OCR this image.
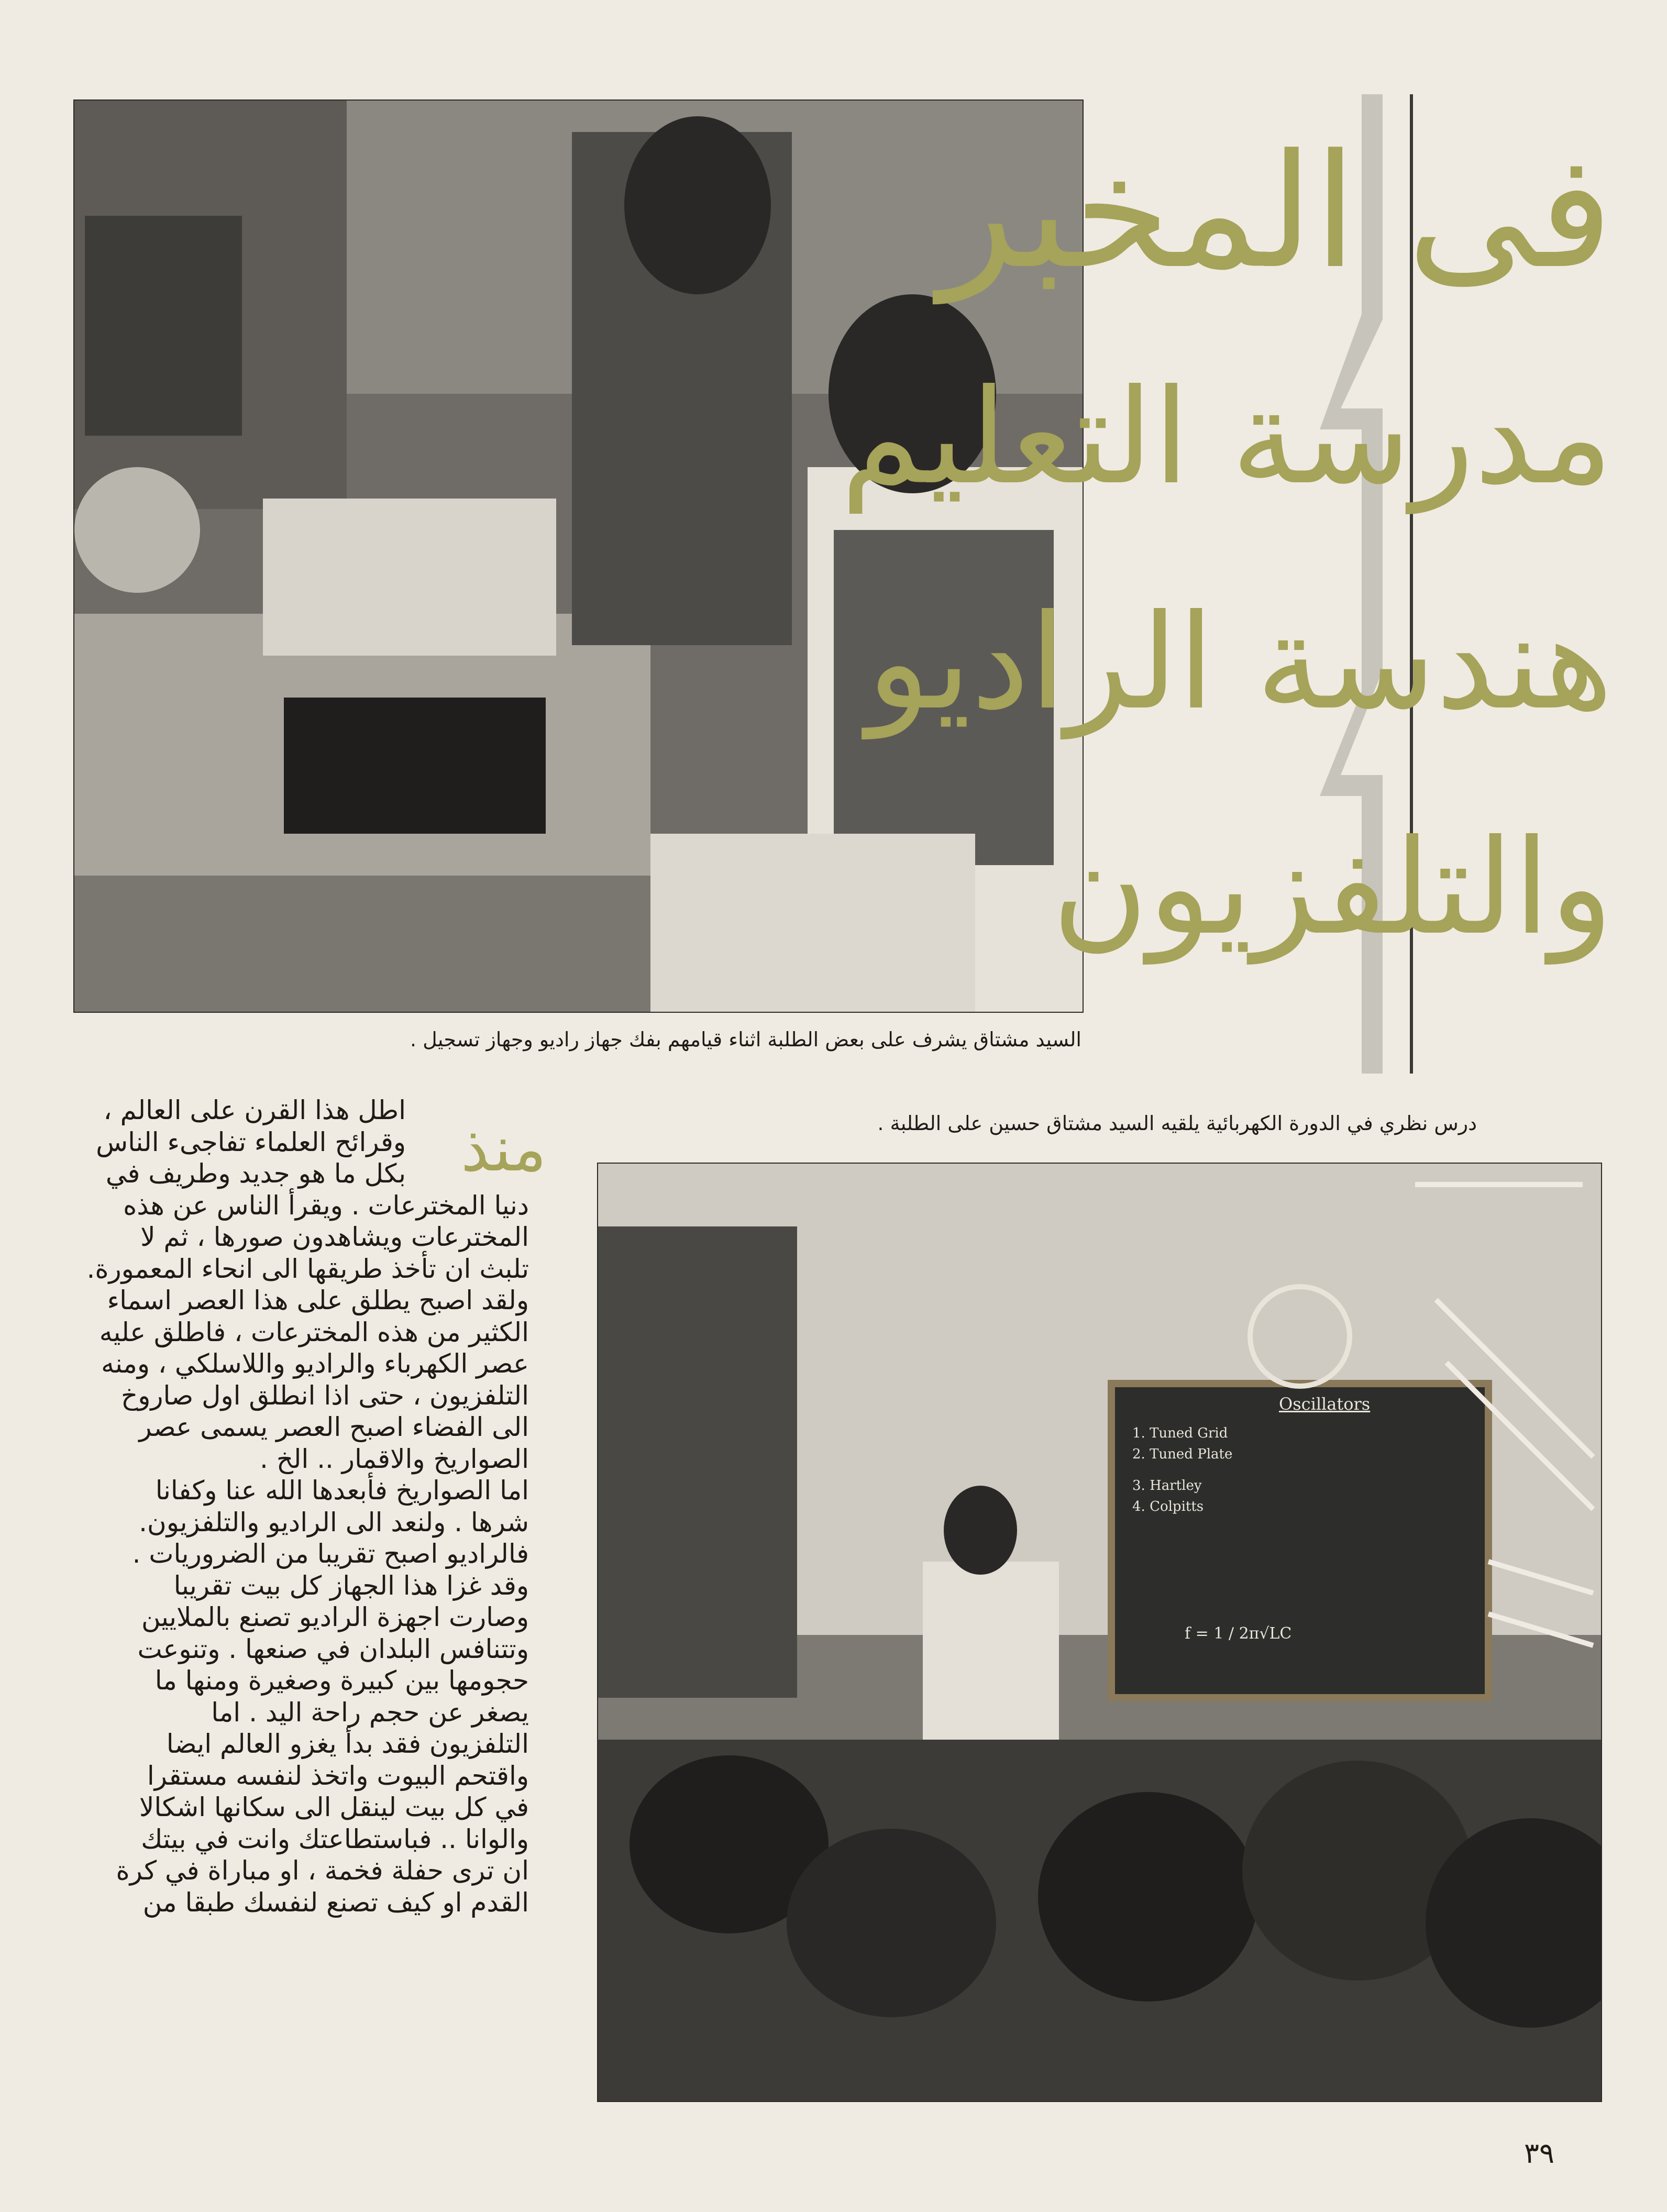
السيد مشتاق يشرف على بعض الطلبة اثناء قيامهم بفك جهاز راديو وجهاز تسجيل .
فى المخبر
مدرسة التعليم
هندسة الراديو
والتلفزيون
درس نظري في الدورة الكهربائية يلقيه السيد مشتاق حسين على الطلبة .
Oscillators
1. Tuned Grid
2. Tuned Plate
3. Hartley
4. Colpitts
f = 1 / 2π√LC
منذ
اطل هذا القرن على العالم ،
وقرائح العلماء تفاجىء الناس
بكل ما هو جديد وطريف في
دنيا المخترعات . ويقرأ الناس عن هذه
المخترعات ويشاهدون صورها ، ثم لا
تلبث ان تأخذ طريقها الى انحاء المعمورة.
ولقد اصبح يطلق على هذا العصر اسماء
الكثير من هذه المخترعات ، فاطلق عليه
عصر الكهرباء والراديو واللاسلكي ، ومنه
التلفزيون ، حتى اذا انطلق اول صاروخ
الى الفضاء اصبح العصر يسمى عصر
الصواريخ والاقمار .. الخ .
اما الصواريخ فأبعدها الله عنا وكفانا
شرها . ولنعد الى الراديو والتلفزيون.
فالراديو اصبح تقريبا من الضروريات .
وقد غزا هذا الجهاز كل بيت تقريبا
وصارت اجهزة الراديو تصنع بالملايين
وتتنافس البلدان في صنعها . وتنوعت
حجومها بين كبيرة وصغيرة ومنها ما
يصغر عن حجم راحة اليد . اما
التلفزيون فقد بدأ يغزو العالم ايضا
واقتحم البيوت واتخذ لنفسه مستقرا
في كل بيت لينقل الى سكانها اشكالا
والوانا .. فباستطاعتك وانت في بيتك
ان ترى حفلة فخمة ، او مباراة في كرة
القدم او كيف تصنع لنفسك طبقا من
٣٩
